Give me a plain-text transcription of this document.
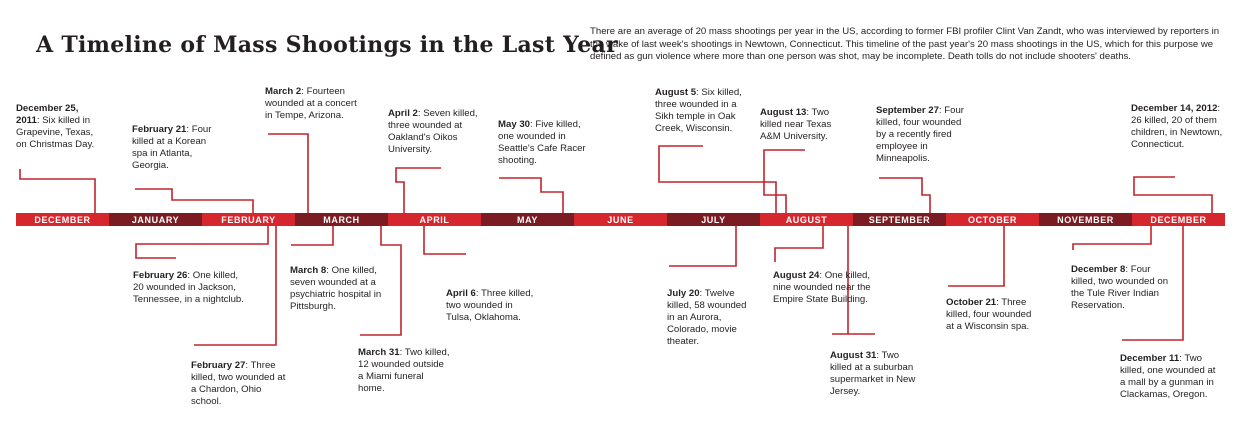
A Timeline of Mass Shootings in the Last Year
There are an average of 20 mass shootings per year in the US, according to former FBI profiler Clint Van Zandt, who was interviewed by reporters in the wake of last week's shootings in Newtown, Connecticut. This timeline of the past year's 20 mass shootings in the US, which for this purpose we defined as gun violence where more than one person was shot, may be incomplete. Death tolls do not include shooters' deaths.
DECEMBER	JANUARY	FEBRUARY	MARCH	APRIL	MAY	JUNE	JULY	AUGUST	SEPTEMBER	OCTOBER	NOVEMBER	DECEMBER
December 25, 2011: Six killed in Grapevine, Texas, on Christmas Day.
February 21: Four killed at a Korean spa in Atlanta, Georgia.
March 2: Fourteen wounded at a concert in Tempe, Arizona.	April 2: Seven killed, three wounded at Oakland's Oikos University.
May 30: Five killed, one wounded in Seattle's Cafe Racer shooting.
August 5: Six killed, three wounded in a Sikh temple in Oak Creek, Wisconsin.
August 13: Two killed near Texas A&M University.
September 27: Four killed, four wounded by a recently fired employee in Minneapolis.
December 14, 2012: 26 killed, 20 of them children, in Newtown, Connecticut.
February 26: One killed, 20 wounded in Jackson, Tennessee, in a nightclub.
February 27: Three killed, two wounded at a Chardon, Ohio school.
March 8: One killed, seven wounded at a psychiatric hospital in Pittsburgh.
March 31: Two killed, 12 wounded outside a Miami funeral home.
April 6: Three killed, two wounded in Tulsa, Oklahoma.
July 20: Twelve killed, 58 wounded in an Aurora, Colorado, movie theater.
August 24: One killed, nine wounded near the Empire State Building.
August 31: Two killed at a suburban supermarket in New Jersey.
October 21: Three killed, four wounded at a Wisconsin spa.
December 8: Four killed, two wounded on the Tule River Indian Reservation.
December 11: Two killed, one wounded at a mall by a gunman in Clackamas, Oregon.
